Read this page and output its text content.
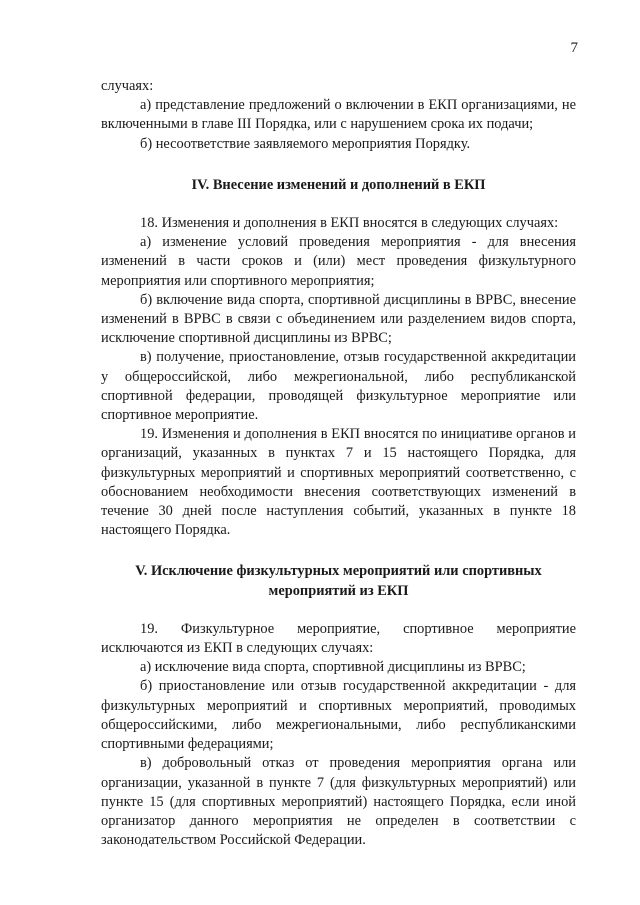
7

случаях:

а) представление предложений о включении в ЕКП организациями, не включенными в главе III Порядка, или с нарушением срока их подачи;

б) несоответствие заявляемого мероприятия Порядку.

IV. Внесение изменений и дополнений в ЕКП

18. Изменения и дополнения в ЕКП вносятся в следующих случаях:

а) изменение условий проведения мероприятия - для внесения изменений в части сроков и (или) мест проведения физкультурного мероприятия или спортивного мероприятия;

б) включение вида спорта, спортивной дисциплины в ВРВС, внесение изменений в ВРВС в связи с объединением или разделением видов спорта, исключение спортивной дисциплины из ВРВС;

в) получение, приостановление, отзыв государственной аккредитации у общероссийской, либо межрегиональной, либо республиканской спортивной федерации, проводящей физкультурное мероприятие или спортивное мероприятие.

19. Изменения и дополнения в ЕКП вносятся по инициативе органов и организаций, указанных в пунктах 7 и 15 настоящего Порядка, для физкультурных мероприятий и спортивных мероприятий соответственно, с обоснованием необходимости внесения соответствующих изменений в течение 30 дней после наступления событий, указанных в пункте 18 настоящего Порядка.

V. Исключение физкультурных мероприятий или спортивных
мероприятий из ЕКП

19. Физкультурное мероприятие, спортивное мероприятие исключаются из ЕКП в следующих случаях:

а) исключение вида спорта, спортивной дисциплины из ВРВС;

б) приостановление или отзыв государственной аккредитации - для физкультурных мероприятий и спортивных мероприятий, проводимых общероссийскими, либо межрегиональными, либо республиканскими спортивными федерациями;

в) добровольный отказ от проведения мероприятия органа или организации, указанной в пункте 7 (для физкультурных мероприятий) или пункте 15 (для спортивных мероприятий) настоящего Порядка, если иной организатор данного мероприятия не определен в соответствии с законодательством Российской Федерации.
